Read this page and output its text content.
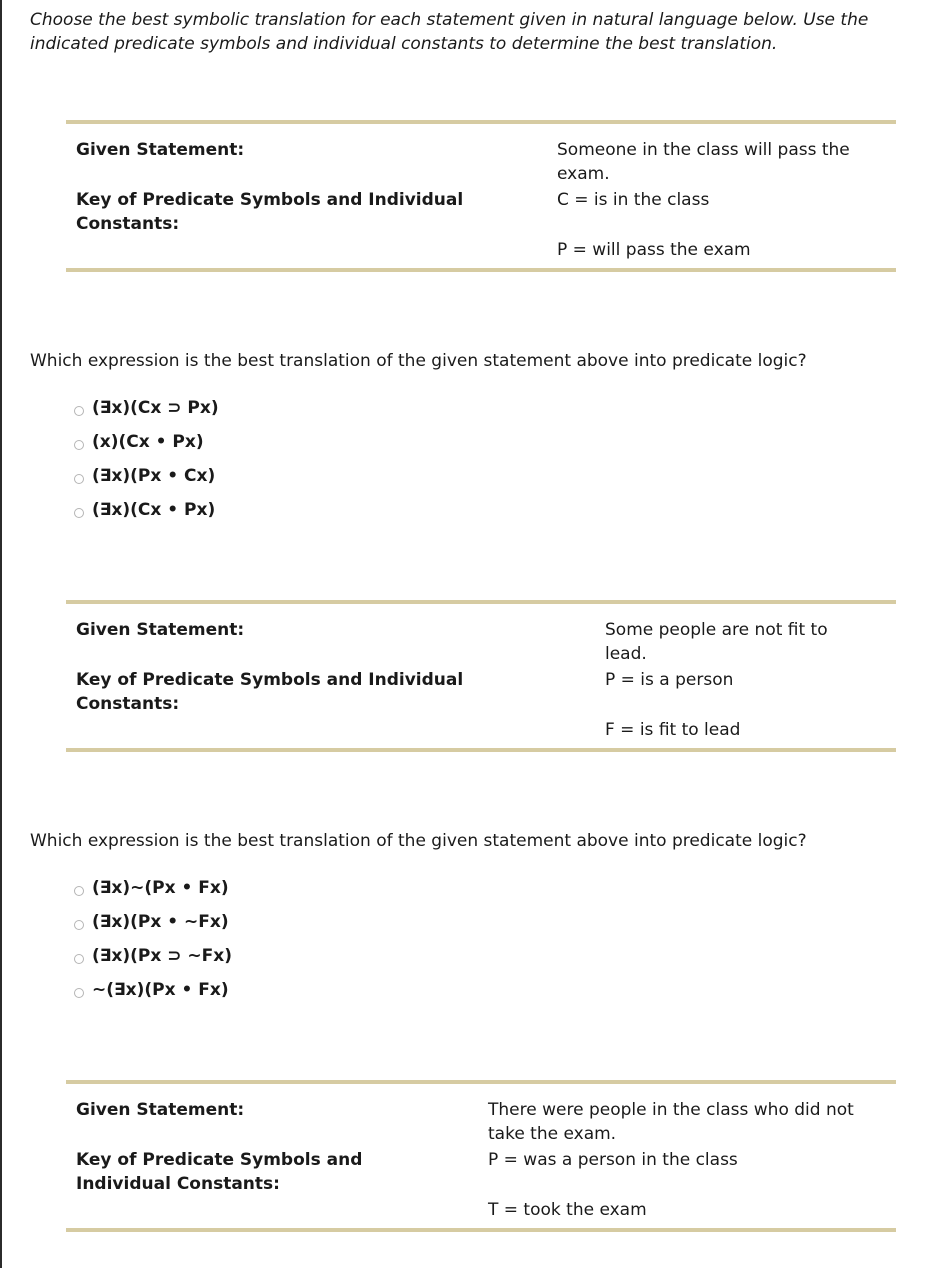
Choose the best symbolic translation for each statement given in natural language below. Use the indicated predicate symbols and individual constants to determine the best translation.
Given Statement:
Key of Predicate Symbols and Individual
Constants:
Someone in the class will pass the
exam.
C = is in the class
P = will pass the exam
Which expression is the best translation of the given statement above into predicate logic?
(∃x)(Cx ⊃ Px)
(x)(Cx • Px)
(∃x)(Px • Cx)
(∃x)(Cx • Px)
Given Statement:
Key of Predicate Symbols and Individual
Constants:
Some people are not fit to
lead.
P = is a person
F = is fit to lead
Which expression is the best translation of the given statement above into predicate logic?
(∃x)~(Px • Fx)
(∃x)(Px • ~Fx)
(∃x)(Px ⊃ ~Fx)
~(∃x)(Px • Fx)
Given Statement:
Key of Predicate Symbols and
Individual Constants:
There were people in the class who did not
take the exam.
P = was a person in the class
T = took the exam
